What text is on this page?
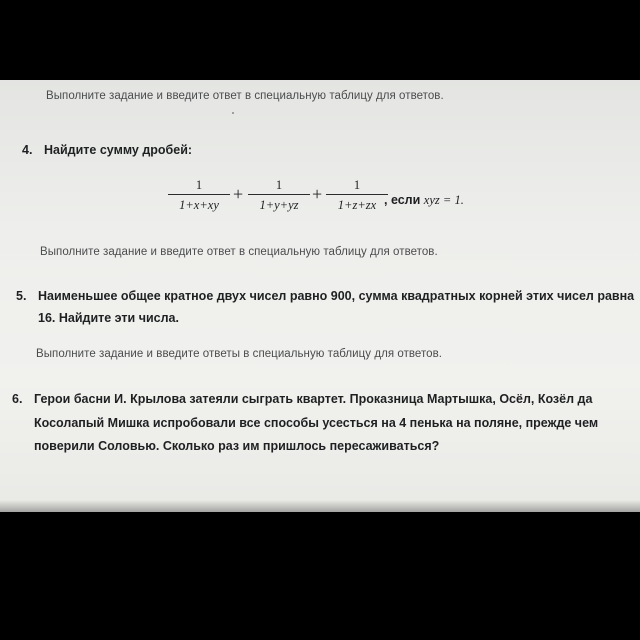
Выполните задание и введите ответ в специальную таблицу для ответов.
4. Найдите сумму дробей:
1
1+x+xy
+	1
1+y+yz
+	1
1+z+zx , если xyz = 1.
Выполните задание и введите ответ в специальную таблицу для ответов.
5. Наименьшее общее кратное двух чисел равно 900, сумма квадратных корней этих чисел равна
16. Найдите эти числа.
Выполните задание и введите ответы в специальную таблицу для ответов.
6. Герои басни И. Крылова затеяли сыграть квартет. Проказница Мартышка, Осёл, Козёл да
Косолапый Мишка испробовали все способы усесться на 4 пенька на поляне, прежде чем
поверили Соловью. Сколько раз им пришлось пересаживаться?
